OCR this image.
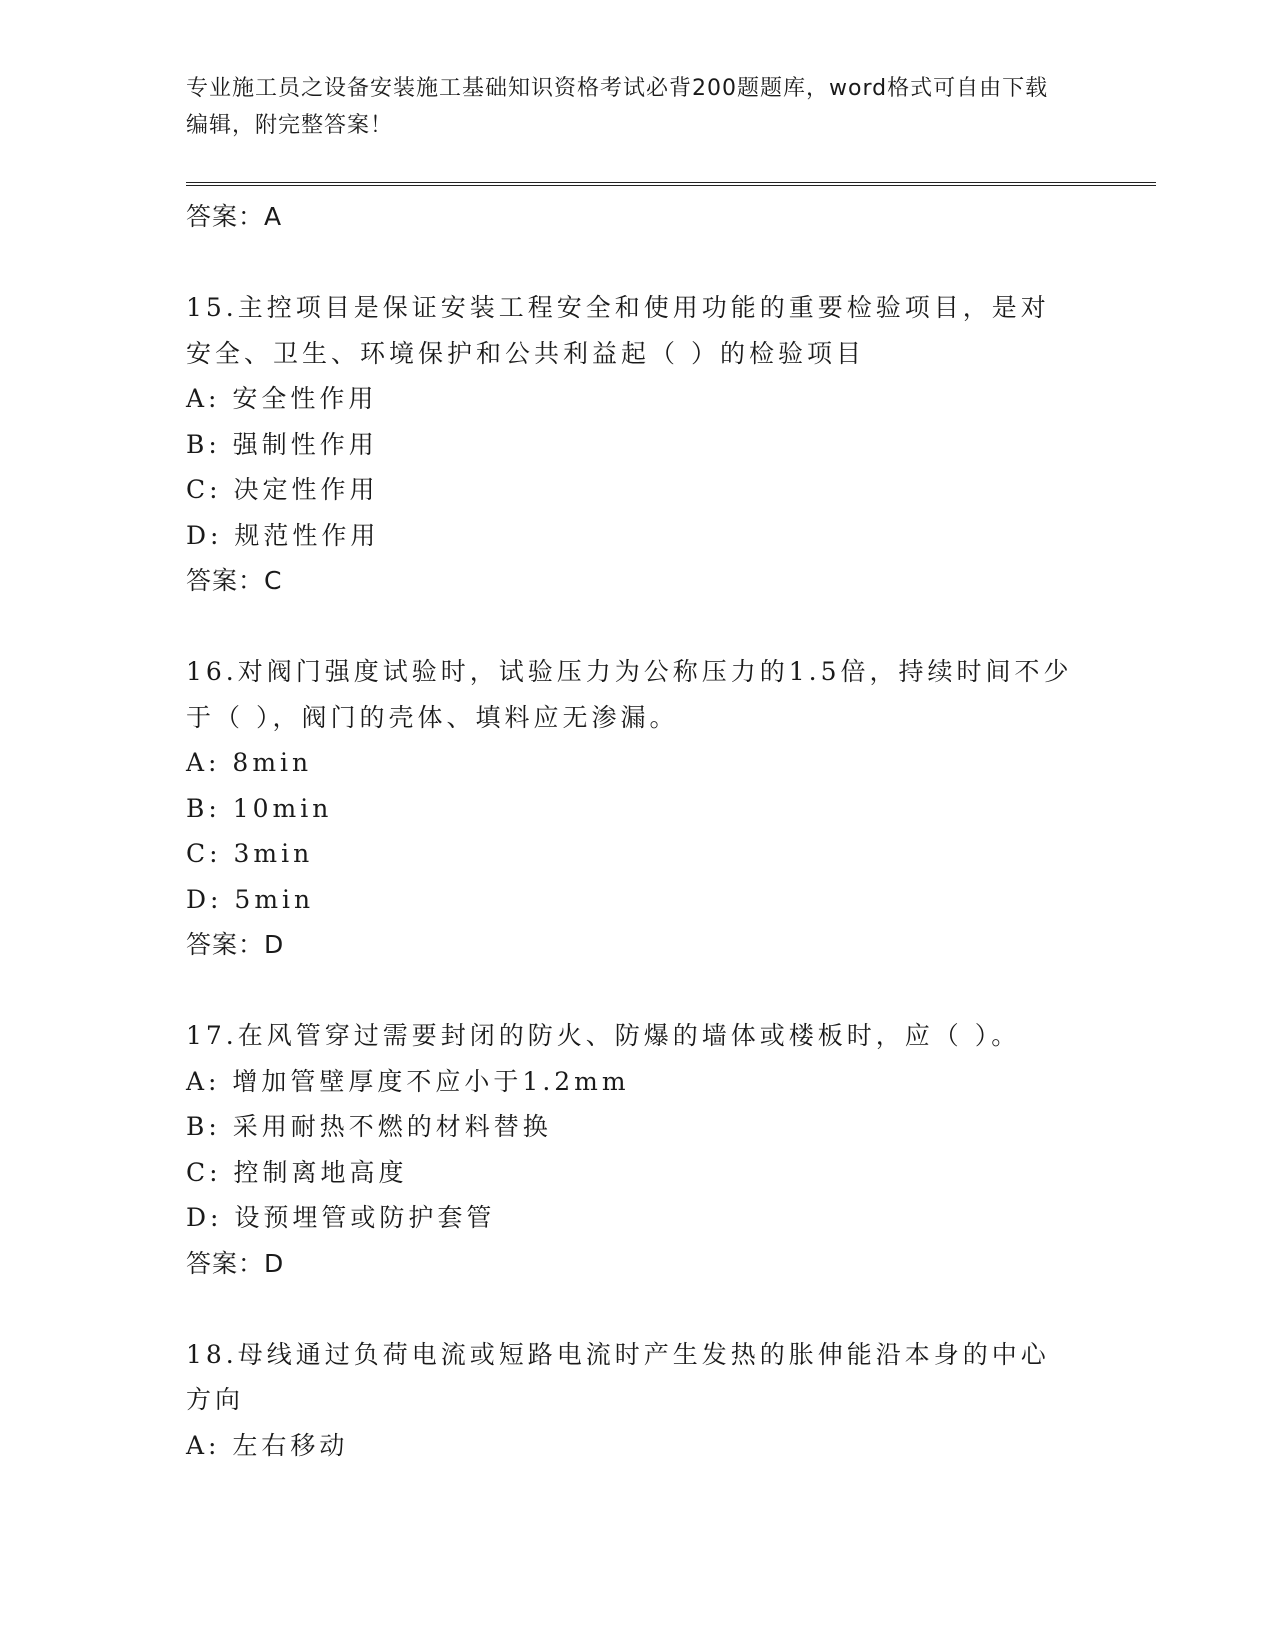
专业施工员之设备安装施工基础知识资格考试必背200题题库，word格式可自由下载编辑，附完整答案！

答案：A

15.主控项目是保证安装工程安全和使用功能的重要检验项目，是对安全、卫生、环境保护和公共利益起（ ）的检验项目

A: 安全性作用
B: 强制性作用
C: 决定性作用
D: 规范性作用

答案：C

16.对阀门强度试验时，试验压力为公称压力的1.5倍，持续时间不少于（ ），阀门的壳体、填料应无渗漏。

A: 8min
B: 10min
C: 3min
D: 5min

答案：D

17.在风管穿过需要封闭的防火、防爆的墙体或楼板时，应（ ）。

A: 增加管壁厚度不应小于1.2mm
B: 采用耐热不燃的材料替换
C: 控制离地高度
D: 设预埋管或防护套管

答案：D

18.母线通过负荷电流或短路电流时产生发热的胀伸能沿本身的中心方向

A: 左右移动
